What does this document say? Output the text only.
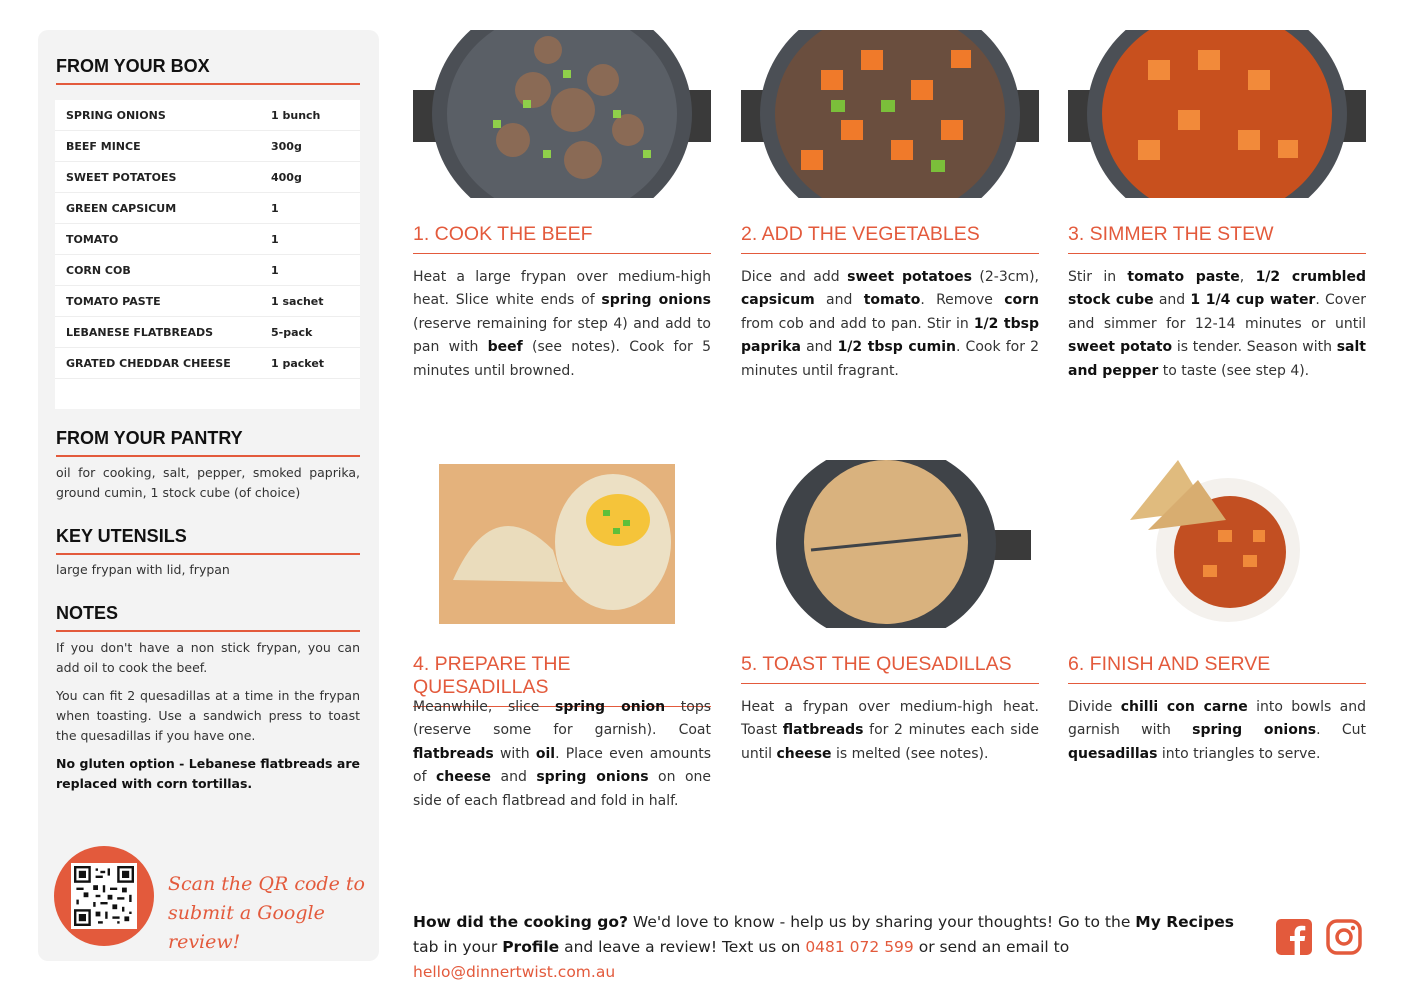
FROM YOUR BOX
SPRING ONIONS	1 bunch
BEEF MINCE	300g
SWEET POTATOES	400g
GREEN CAPSICUM	1
TOMATO	1
CORN COB	1
TOMATO PASTE	1 sachet
LEBANESE FLATBREADS	5-pack
GRATED CHEDDAR CHEESE	1 packet
FROM YOUR PANTRY
oil for cooking, salt, pepper, smoked paprika, ground cumin, 1 stock cube (of choice)
KEY UTENSILS
large frypan with lid, frypan
NOTES
If you don't have a non stick frypan, you can add oil to cook the beef.
You can fit 2 quesadillas at a time in the frypan when toasting. Use a sandwich press to toast the quesadillas if you have one.
No gluten option - Lebanese flatbreads are replaced with corn tortillas.
Scan the QR code to
submit a Google review!
1. COOK THE BEEF
Heat a large frypan over medium-high heat. Slice white ends of spring onions (reserve remaining for step 4) and add to pan with beef (see notes). Cook for 5 minutes until browned.
2. ADD THE VEGETABLES
Dice and add sweet potatoes (2-3cm), capsicum and tomato. Remove corn from cob and add to pan. Stir in 1/2 tbsp paprika and 1/2 tbsp cumin. Cook for 2 minutes until fragrant.
3. SIMMER THE STEW
Stir in tomato paste, 1/2 crumbled stock cube and 1 1/4 cup water. Cover and simmer for 12-14 minutes or until sweet potato is tender. Season with salt and pepper to taste (see step 4).
4. PREPARE THE QUESADILLAS
Meanwhile, slice spring onion tops (reserve some for garnish). Coat flatbreads with oil. Place even amounts of cheese and spring onions on one side of each flatbread and fold in half.
5. TOAST THE QUESADILLAS
Heat a frypan over medium-high heat. Toast flatbreads for 2 minutes each side until cheese is melted (see notes).
6. FINISH AND SERVE
Divide chilli con carne into bowls and garnish with spring onions. Cut quesadillas into triangles to serve.
How did the cooking go? We'd love to know - help us by sharing your thoughts! Go to the My Recipes tab in your Profile and leave a review! Text us on 0481 072 599 or send an email to hello@dinnertwist.com.au
